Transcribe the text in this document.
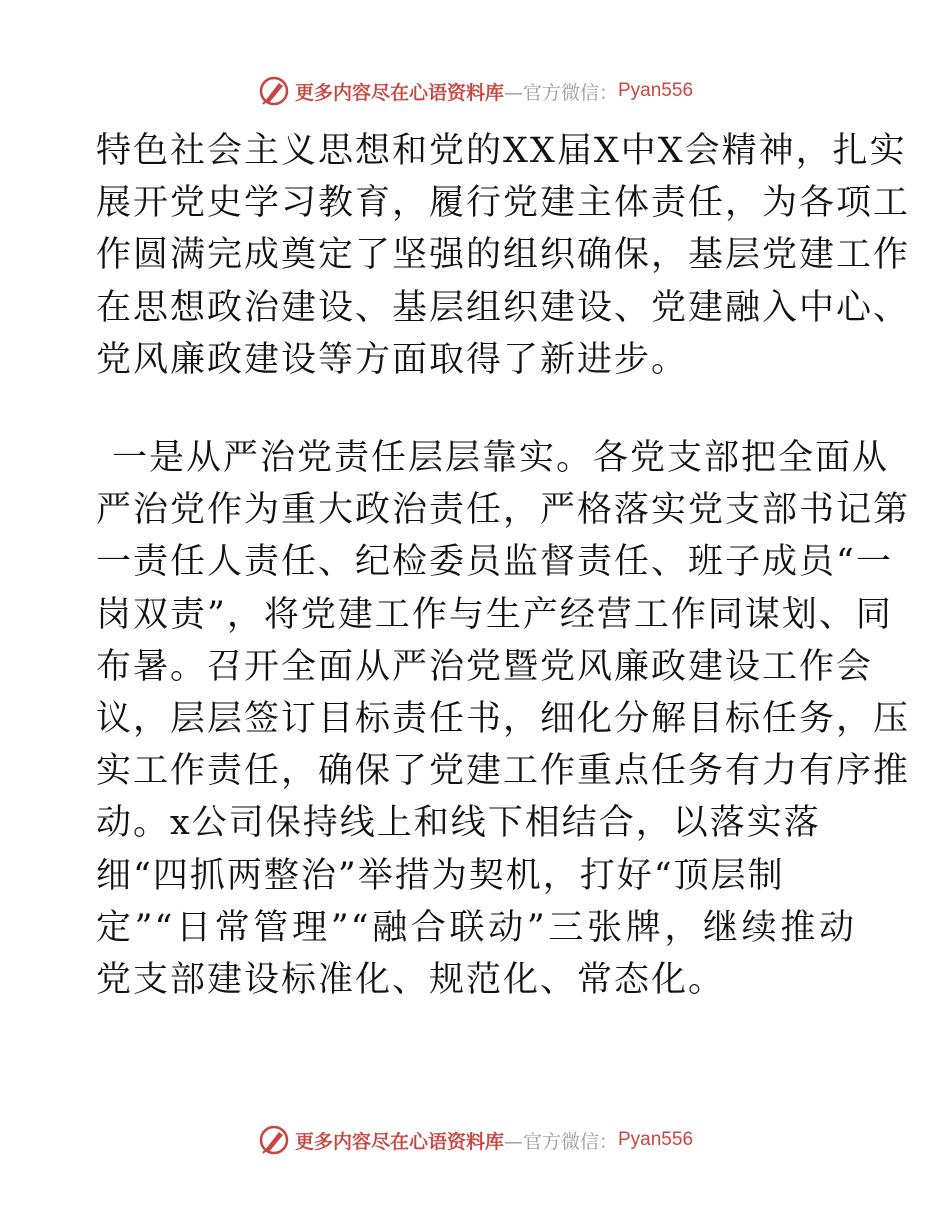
更多内容尽在心语资料库 —官方微信： Pyan556
特色社会主义思想和党的XX届X中X会精神，扎实
展开党史学习教育，履行党建主体责任，为各项工
作圆满完成奠定了坚强的组织确保，基层党建工作
在思想政治建设、基层组织建设、党建融入中心、
党风廉政建设等方面取得了新进步。
一是从严治党责任层层靠实。各党支部把全面从
严治党作为重大政治责任，严格落实党支部书记第
一责任人责任、纪检委员监督责任、班子成员“一
岗双责”，将党建工作与生产经营工作同谋划、同
布暑。召开全面从严治党暨党风廉政建设工作会
议，层层签订目标责任书，细化分解目标任务，压
实工作责任，确保了党建工作重点任务有力有序推
动。x公司保持线上和线下相结合，以落实落
细“四抓两整治”举措为契机，打好“顶层制
定”“日常管理”“融合联动”三张牌，继续推动
党支部建设标准化、规范化、常态化。
更多内容尽在心语资料库 —官方微信： Pyan556
